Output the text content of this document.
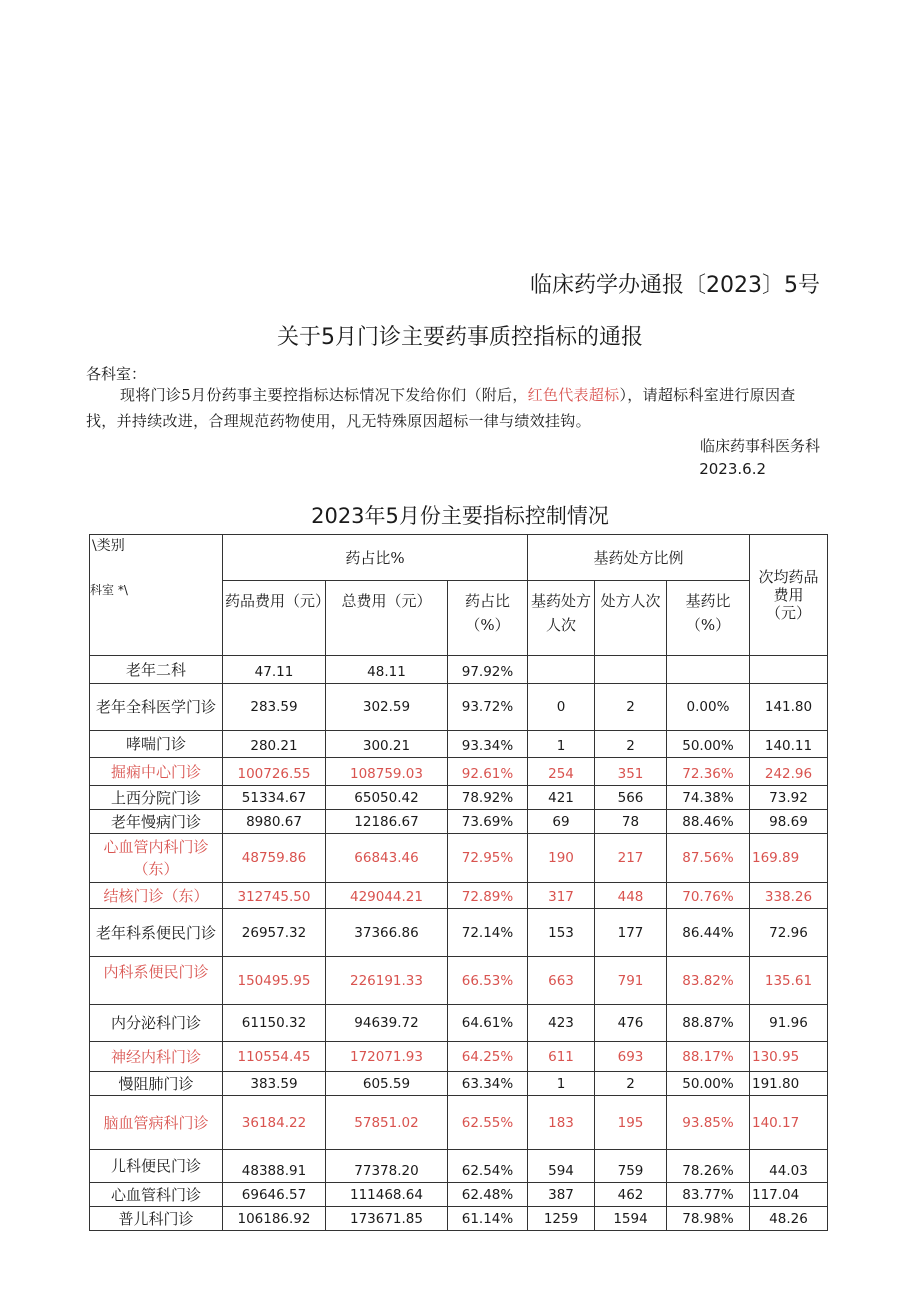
临床药学办通报〔2023〕5号
关于5月门诊主要药事质控指标的通报
各科室：
现将门诊5月份药事主要控指标达标情况下发给你们（附后，红色代表超标），请超标科室进行原因查找，并持续改进，合理规范药物使用，凡无特殊原因超标一律与绩效挂钩。
临床药事科医务科
2023.6.2
2023年5月份主要指标控制情况
\类别
科室 *\	药占比%			基药处方比例			次均药品费用（元）
	药品费用（元）	总费用（元）	药占比（%）	基药处方人次	处方人次	基药比（%）	
老年二科	47.11	48.11	97.92%				
老年全科医学门诊	283.59	302.59	93.72%	0	2	0.00%	141.80
哮喘门诊	280.21	300.21	93.34%	1	2	50.00%	140.11
掘痫中心门诊	100726.55	108759.03	92.61%	254	351	72.36%	242.96
上西分院门诊	51334.67	65050.42	78.92%	421	566	74.38%	73.92
老年慢病门诊	8980.67	12186.67	73.69%	69	78	88.46%	98.69
心血管内科门诊（东）	48759.86	66843.46	72.95%	190	217	87.56%	169.89
结核门诊（东）	312745.50	429044.21	72.89%	317	448	70.76%	338.26
老年科系便民门诊	26957.32	37366.86	72.14%	153	177	86.44%	72.96
内科系便民门诊	150495.95	226191.33	66.53%	663	791	83.82%	135.61
内分泌科门诊	61150.32	94639.72	64.61%	423	476	88.87%	91.96
神经内科门诊	110554.45	172071.93	64.25%	611	693	88.17%	130.95
慢阻肺门诊	383.59	605.59	63.34%	1	2	50.00%	191.80
脑血管病科门诊	36184.22	57851.02	62.55%	183	195	93.85%	140.17
儿科便民门诊	48388.91	77378.20	62.54%	594	759	78.26%	44.03
心血管科门诊	69646.57	111468.64	62.48%	387	462	83.77%	117.04
普儿科门诊	106186.92	173671.85	61.14%	1259	1594	78.98%	48.26
